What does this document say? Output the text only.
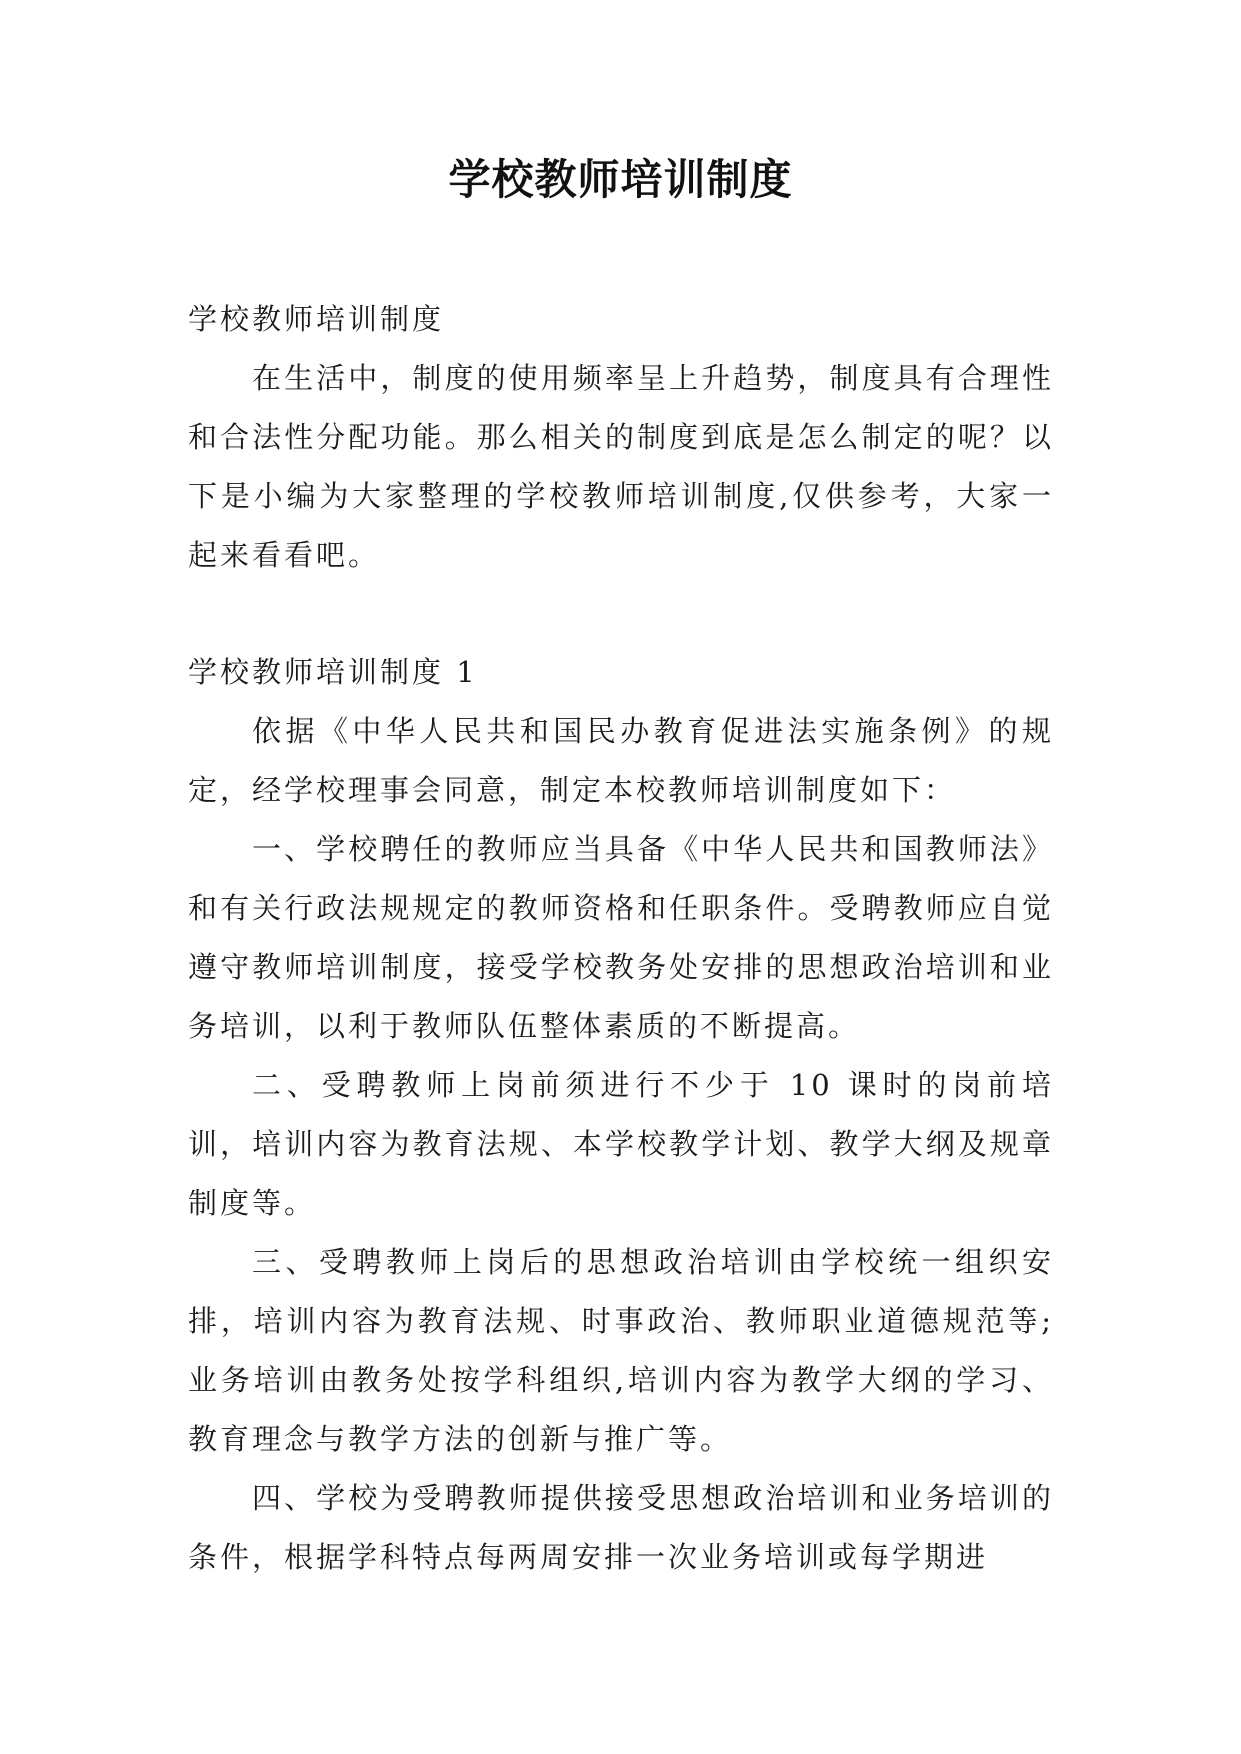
学校教师培训制度

学校教师培训制度

在生活中，制度的使用频率呈上升趋势，制度具有合理性和合法性分配功能。那么相关的制度到底是怎么制定的呢？以下是小编为大家整理的学校教师培训制度,仅供参考，大家一起来看看吧。

学校教师培训制度 1

依据《中华人民共和国民办教育促进法实施条例》的规定，经学校理事会同意，制定本校教师培训制度如下：

一、学校聘任的教师应当具备《中华人民共和国教师法》和有关行政法规规定的教师资格和任职条件。受聘教师应自觉遵守教师培训制度，接受学校教务处安排的思想政治培训和业务培训，以利于教师队伍整体素质的不断提高。

二、受聘教师上岗前须进行不少于 10 课时的岗前培训，培训内容为教育法规、本学校教学计划、教学大纲及规章制度等。

三、受聘教师上岗后的思想政治培训由学校统一组织安排，培训内容为教育法规、时事政治、教师职业道德规范等;业务培训由教务处按学科组织,培训内容为教学大纲的学习、教育理念与教学方法的创新与推广等。

四、学校为受聘教师提供接受思想政治培训和业务培训的条件，根据学科特点每两周安排一次业务培训或每学期进
